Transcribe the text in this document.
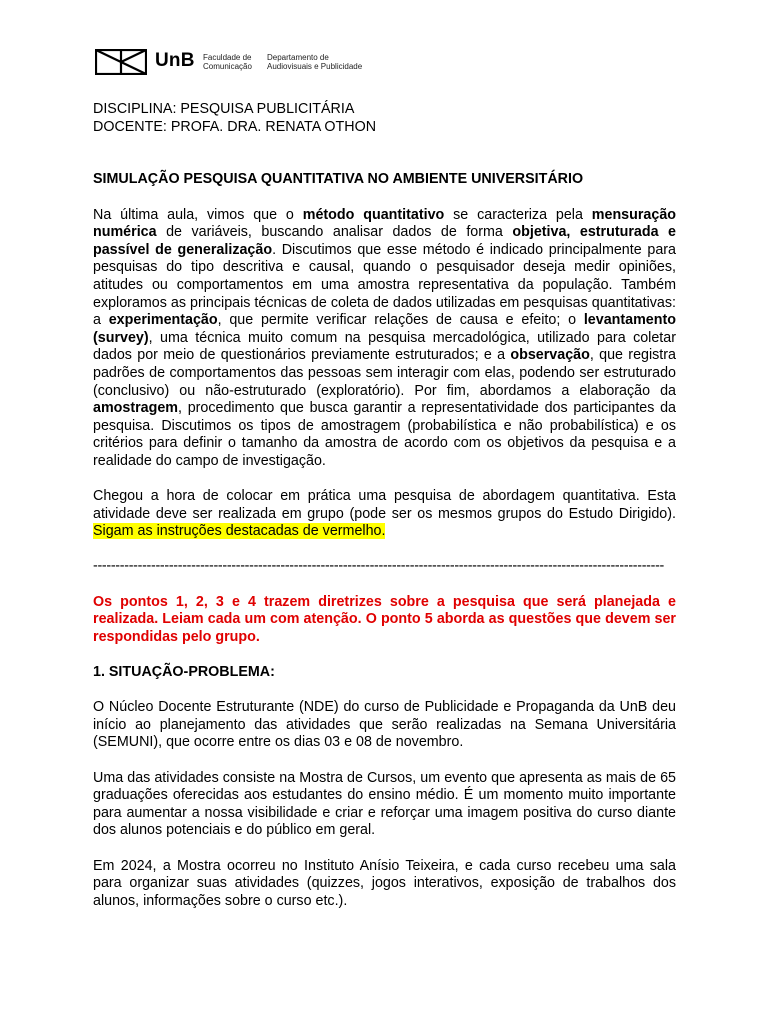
UnB Faculdade de
Comunicação
Departamento de
Audiovisuais e Publicidade

DISCIPLINA: PESQUISA PUBLICITÁRIA

DOCENTE: PROFA. DRA. RENATA OTHON

SIMULAÇÃO PESQUISA QUANTITATIVA NO AMBIENTE UNIVERSITÁRIO

Na última aula, vimos que o método quantitativo se caracteriza pela mensuração numérica de variáveis, buscando analisar dados de forma objetiva, estruturada e passível de generalização. Discutimos que esse método é indicado principalmente para pesquisas do tipo descritiva e causal, quando o pesquisador deseja medir opiniões, atitudes ou comportamentos em uma amostra representativa da população. Também exploramos as principais técnicas de coleta de dados utilizadas em pesquisas quantitativas: a experimentação, que permite verificar relações de causa e efeito; o levantamento (survey), uma técnica muito comum na pesquisa mercadológica, utilizado para coletar dados por meio de questionários previamente estruturados; e a observação, que registra padrões de comportamentos das pessoas sem interagir com elas, podendo ser estruturado (conclusivo) ou não-estruturado (exploratório). Por fim, abordamos a elaboração da amostragem, procedimento que busca garantir a representatividade dos participantes da pesquisa. Discutimos os tipos de amostragem (probabilística e não probabilística) e os critérios para definir o tamanho da amostra de acordo com os objetivos da pesquisa e a realidade do campo de investigação.

Chegou a hora de colocar em prática uma pesquisa de abordagem quantitativa. Esta atividade deve ser realizada em grupo (pode ser os mesmos grupos do Estudo Dirigido). Sigam as instruções destacadas de vermelho.

--------------------------------------------------------------------------------------------------------------------------------

Os pontos 1, 2, 3 e 4 trazem diretrizes sobre a pesquisa que será planejada e realizada. Leiam cada um com atenção. O ponto 5 aborda as questões que devem ser respondidas pelo grupo.

1. SITUAÇÃO-PROBLEMA:

O Núcleo Docente Estruturante (NDE) do curso de Publicidade e Propaganda da UnB deu início ao planejamento das atividades que serão realizadas na Semana Universitária (SEMUNI), que ocorre entre os dias 03 e 08 de novembro.

Uma das atividades consiste na Mostra de Cursos, um evento que apresenta as mais de 65 graduações oferecidas aos estudantes do ensino médio. É um momento muito importante para aumentar a nossa visibilidade e criar e reforçar uma imagem positiva do curso diante dos alunos potenciais e do público em geral.

Em 2024, a Mostra ocorreu no Instituto Anísio Teixeira, e cada curso recebeu uma sala para organizar suas atividades (quizzes, jogos interativos, exposição de trabalhos dos alunos, informações sobre o curso etc.).
